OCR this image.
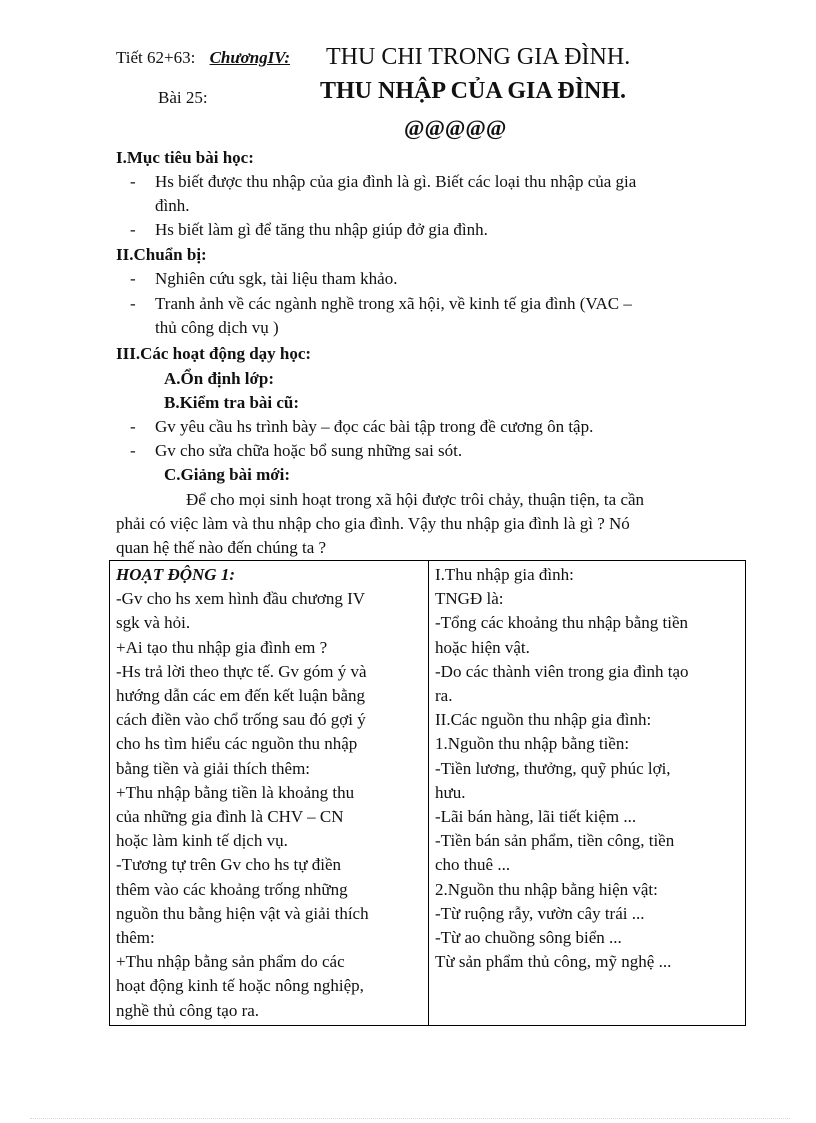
Tiết 62+63: ChươngIV: THU CHI TRONG GIA ĐÌNH.
Bài 25:	THU NHẬP CỦA GIA ĐÌNH.
@@@@@
I.Mục tiêu bài học:
- Hs biết được thu nhập của gia đình là gì. Biết các loại thu nhập của gia
đình.
- Hs biết làm gì để tăng thu nhập giúp đở gia đình.
II.Chuẩn bị:
- Nghiên cứu sgk, tài liệu tham khảo.
- Tranh ảnh về các ngành nghề trong xã hội, về kinh tế gia đình (VAC –
thủ công dịch vụ )
III.Các hoạt động dạy học:
A.Ổn định lớp:
B.Kiểm tra bài cũ:
- Gv yêu cầu hs trình bày – đọc các bài tập trong đề cương ôn tập.
- Gv cho sửa chữa hoặc bổ sung những sai sót.
C.Giảng bài mới:
Để cho mọi sinh hoạt trong xã hội được trôi chảy, thuận tiện, ta cần
phải có việc làm và thu nhập cho gia đình. Vậy thu nhập gia đình là gì ? Nó
quan hệ thế nào đến chúng ta ?
HOẠT ĐỘNG 1:
-Gv cho hs xem hình đầu chương IV
sgk và hỏi.
+Ai tạo thu nhập gia đình em ?
-Hs trả lời theo thực tế. Gv góm ý và
hướng dẫn các em đến kết luận bằng
cách điền vào chổ trống sau đó gợi ý
cho hs tìm hiểu các nguồn thu nhập
bằng tiền và giải thích thêm:
+Thu nhập bằng tiền là khoảng thu
của những gia đình là CHV – CN
hoặc làm kinh tế dịch vụ.
-Tương tự trên Gv cho hs tự điền
thêm vào các khoảng trống những
nguồn thu bằng hiện vật và giải thích
thêm:
+Thu nhập bằng sản phẩm do các
hoạt động kinh tế hoặc nông nghiệp,
nghề thủ công tạo ra.

I.Thu nhập gia đình:
TNGĐ là:
-Tổng các khoảng thu nhập bằng tiền
hoặc hiện vật.
-Do các thành viên trong gia đình tạo
ra.
II.Các nguồn thu nhập gia đình:
1.Nguồn thu nhập bằng tiền:
-Tiền lương, thưởng, quỹ phúc lợi,
hưu.
-Lãi bán hàng, lãi tiết kiệm ...
-Tiền bán sản phẩm, tiền công, tiền
cho thuê ...
2.Nguồn thu nhập bằng hiện vật:
-Từ ruộng rẫy, vườn cây trái ...
-Từ ao chuồng sông biển ...
Từ sản phẩm thủ công, mỹ nghệ ...
